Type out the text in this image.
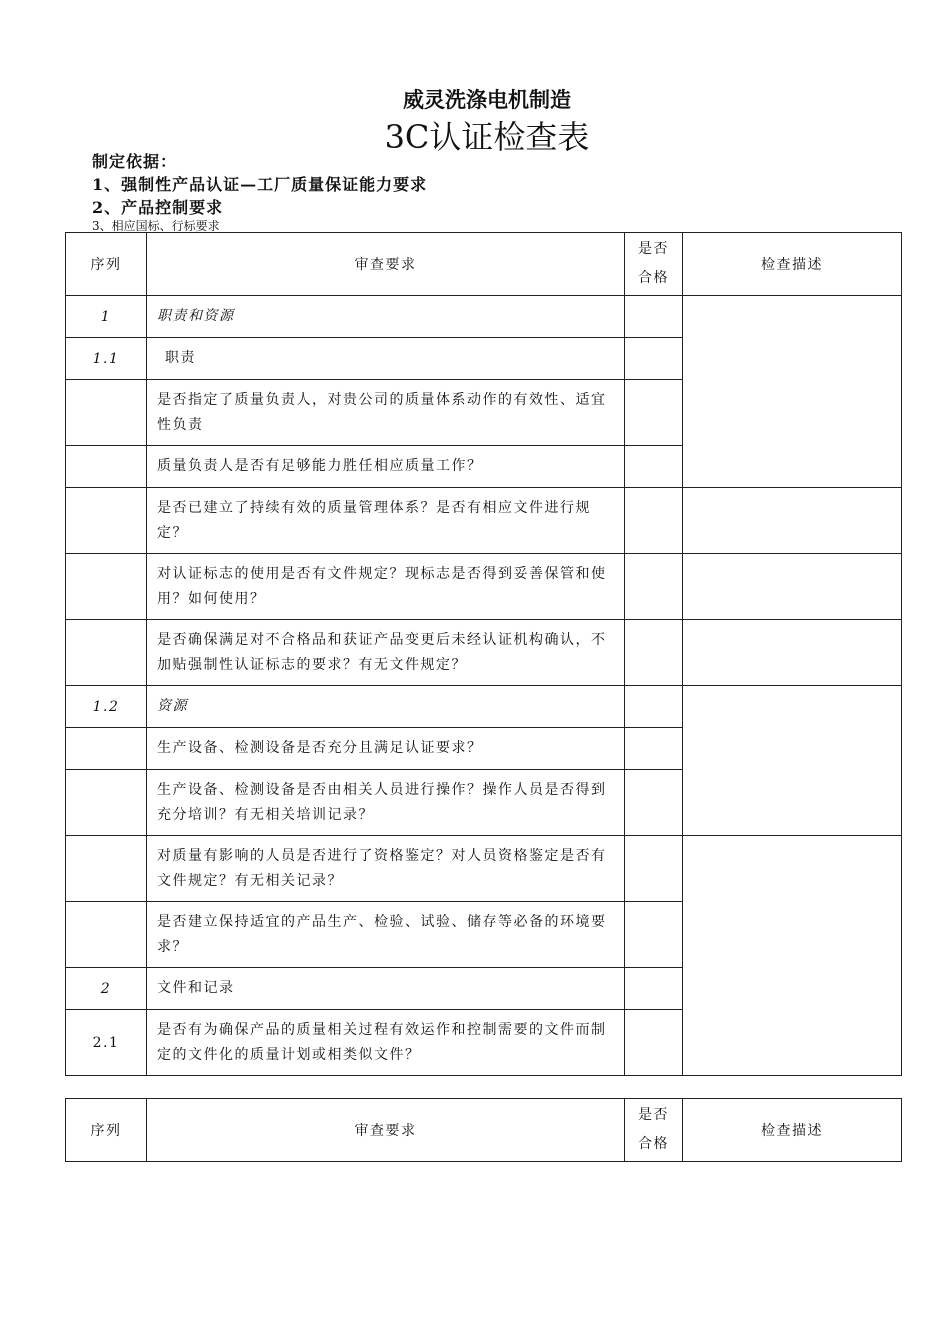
威灵洗涤电机制造
3C认证检查表
制定依据：
1、强制性产品认证—工厂质量保证能力要求
2、产品控制要求
3、相应国标、行标要求
序列	审查要求	是否合格	检查描述
1	职责和资源		
1.1	职责		
	是否指定了质量负责人，对贵公司的质量体系动作的有效性、适宜性负责		
	质量负责人是否有足够能力胜任相应质量工作？		
	是否已建立了持续有效的质量管理体系？是否有相应文件进行规定？		
	对认证标志的使用是否有文件规定？现标志是否得到妥善保管和使用？如何使用？		
	是否确保满足对不合格品和获证产品变更后未经认证机构确认，不加贴强制性认证标志的要求？有无文件规定？		
1.2	资源		
	生产设备、检测设备是否充分且满足认证要求？		
	生产设备、检测设备是否由相关人员进行操作？操作人员是否得到充分培训？有无相关培训记录？		
	对质量有影响的人员是否进行了资格鉴定？对人员资格鉴定是否有文件规定？有无相关记录？		
	是否建立保持适宜的产品生产、检验、试验、储存等必备的环境要求？		
2	文件和记录		
2.1	是否有为确保产品的质量相关过程有效运作和控制需要的文件而制定的文件化的质量计划或相类似文件？		
序列	审查要求	是否合格	检查描述
